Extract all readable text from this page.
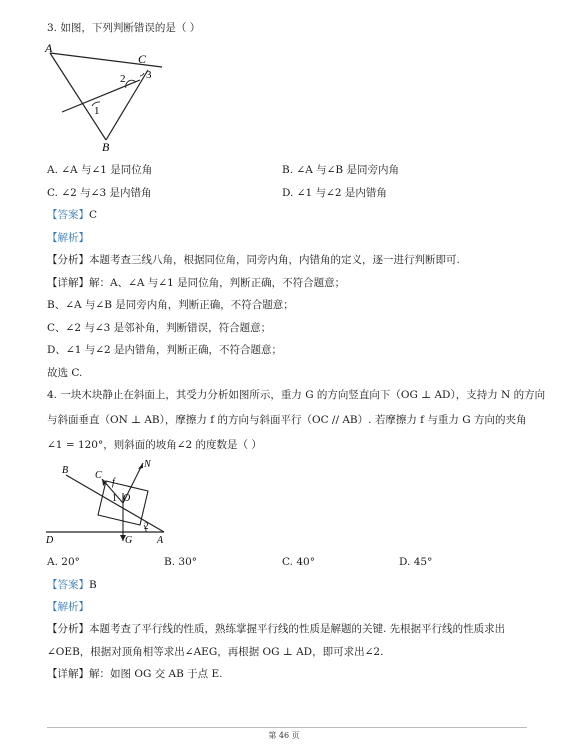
3. 如图，下列判断错误的是（ ）
A
C
B
1
2 3
A. ∠A 与∠1 是同位角	B. ∠A 与∠B 是同旁内角
C. ∠2 与∠3 是内错角	D. ∠1 与∠2 是内错角
【答案】C
【解析】
【分析】本题考查三线八角，根据同位角，同旁内角，内错角的定义，逐一进行判断即可.
【详解】解：A、∠A 与∠1 是同位角，判断正确，不符合题意；
B、∠A 与∠B 是同旁内角，判断正确，不符合题意；
C、∠2 与∠3 是邻补角，判断错误，符合题意；
D、∠1 与∠2 是内错角，判断正确，不符合题意；
故选 C.
4. 一块木块静止在斜面上，其受力分析如图所示，重力 G 的方向竖直向下（OG ⊥ AD），支持力 N 的方向
与斜面垂直（ON ⊥ AB），摩擦力 f 的方向与斜面平行（OC // AB）. 若摩擦力 f 与重力 G 方向的夹角
∠1 = 120°，则斜面的坡角∠2 的度数是（ ）
B	C
N
f
1 O
D	G A
2
A. 20°	B. 30°	C. 40°	D. 45°
【答案】B
【解析】
【分析】本题考查了平行线的性质，熟练掌握平行线的性质是解题的关键. 先根据平行线的性质求出
∠OEB，根据对顶角相等求出∠AEG，再根据 OG ⊥ AD，即可求出∠2.
【详解】解：如图 OG 交 AB 于点 E.
第 46 页
